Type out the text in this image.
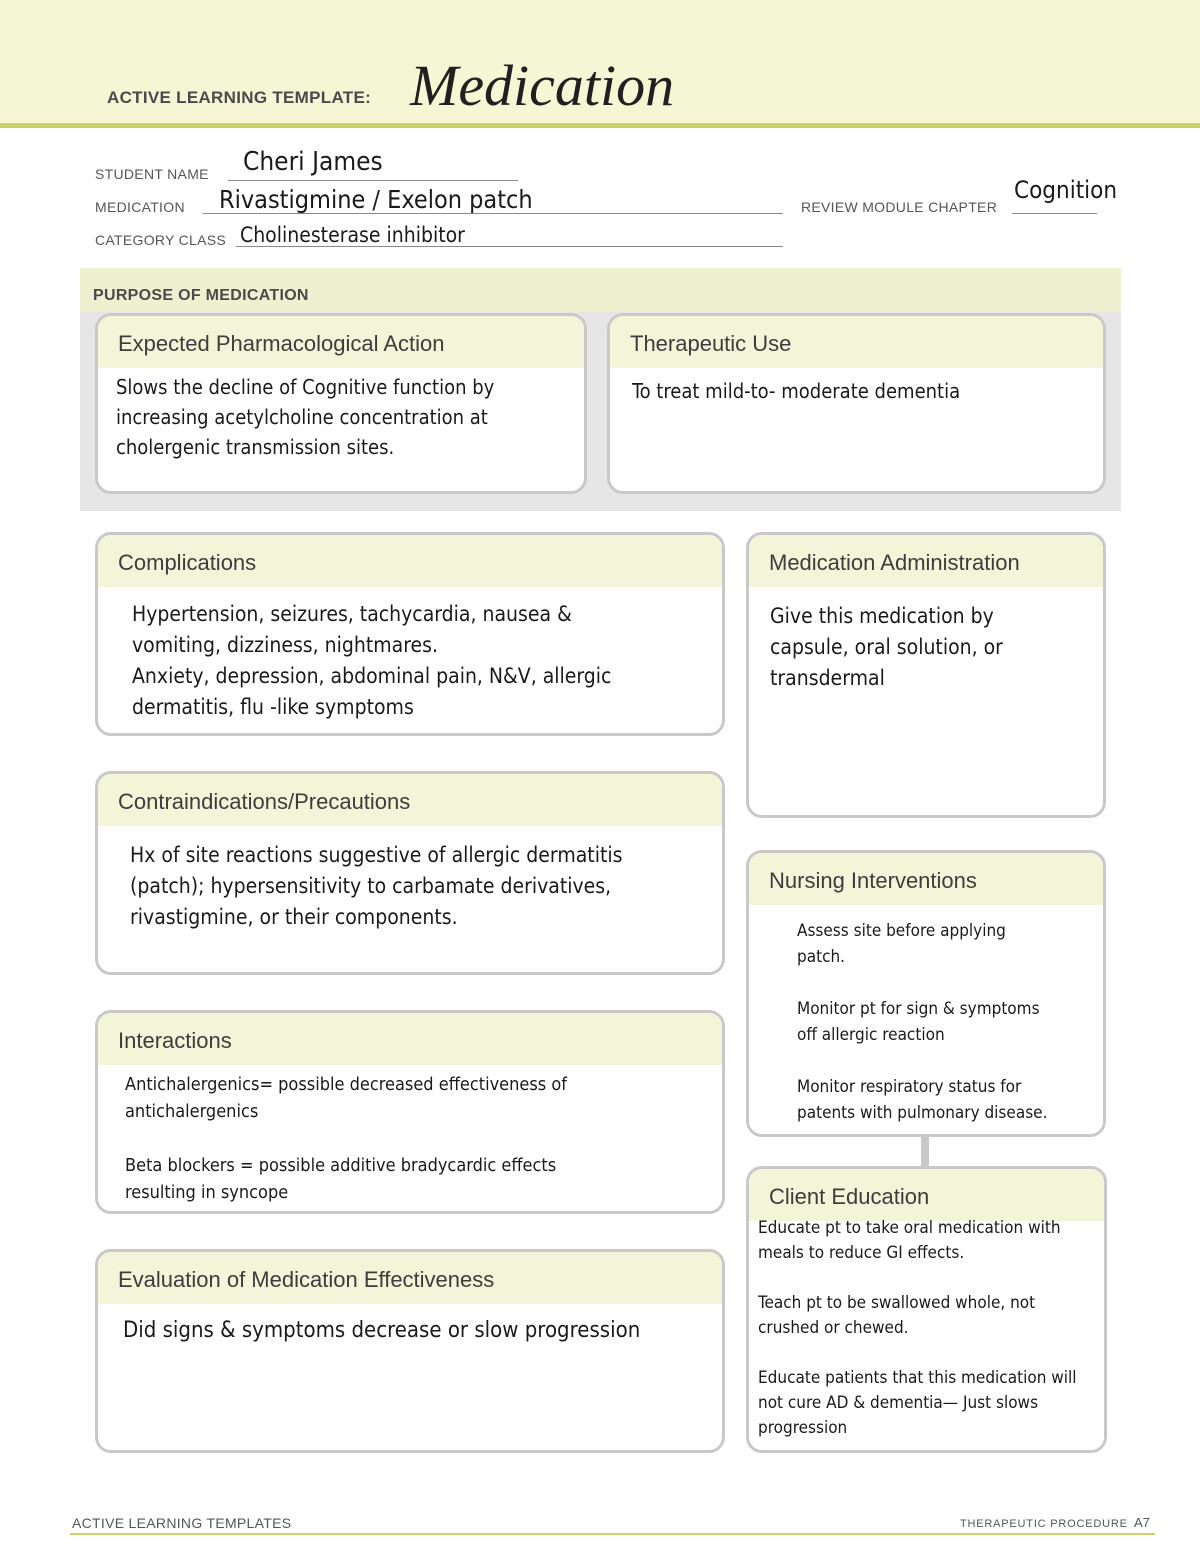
ACTIVE LEARNING TEMPLATE: Medication
STUDENT NAME Cheri James
MEDICATION Rivastigmine / Exelon patch	REVIEW MODULE CHAPTER
Cognition
CATEGORY CLASS Cholinesterase inhibitor
PURPOSE OF MEDICATION
Expected Pharmacological Action
Slows the decline of Cognitive function by
increasing acetylcholine concentration at
cholergenic transmission sites.
Therapeutic Use
To treat mild-to- moderate dementia
Complications
Hypertension, seizures, tachycardia, nausea &
vomiting, dizziness, nightmares.
Anxiety, depression, abdominal pain, N&V, allergic
dermatitis, flu -like symptoms
Contraindications/Precautions
Hx of site reactions suggestive of allergic dermatitis
(patch); hypersensitivity to carbamate derivatives,
rivastigmine, or their components.
Interactions
Antichalergenics= possible decreased effectiveness of
antichalergenics

Beta blockers = possible additive bradycardic effects
resulting in syncope
Evaluation of Medication Effectiveness
Did signs & symptoms decrease or slow progression
Medication Administration
Give this medication by
capsule, oral solution, or
transdermal
Nursing Interventions
Assess site before applying
patch.

Monitor pt for sign & symptoms
off allergic reaction

Monitor respiratory status for
patents with pulmonary disease.
Client Education
Educate pt to take oral medication with
meals to reduce GI effects.

Teach pt to be swallowed whole, not
crushed or chewed.

Educate patients that this medication will
not cure AD & dementia— Just slows
progression
ACTIVE LEARNING TEMPLATES	THERAPEUTIC PROCEDURE A7
